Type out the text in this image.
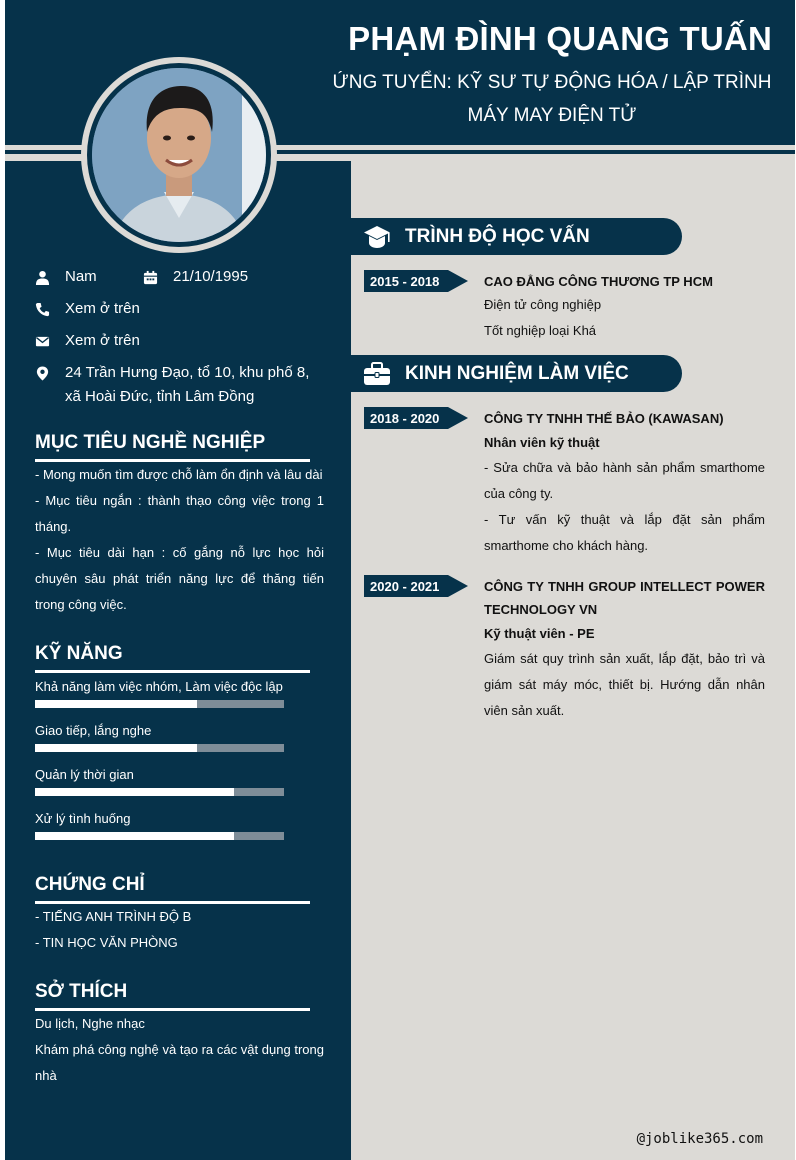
PHẠM ĐÌNH QUANG TUẤN
ỨNG TUYỂN: KỸ SƯ TỰ ĐỘNG HÓA / LẬP TRÌNH MÁY MAY ĐIỆN TỬ
Nam	21/10/1995
Xem ở trên
Xem ở trên
24 Trần Hưng Đạo, tổ 10, khu phố 8, xã Hoài Đức, tỉnh Lâm Đồng
MỤC TIÊU NGHỀ NGHIỆP
- Mong muốn tìm được chỗ làm ổn định và lâu dài
- Mục tiêu ngắn : thành thạo công việc trong 1 tháng.
- Mục tiêu dài hạn : cố gắng nỗ lực học hỏi chuyên sâu phát triển năng lực để thăng tiến trong công việc.
KỸ NĂNG
Khả năng làm việc nhóm, Làm việc độc lập
Giao tiếp, lắng nghe
Quản lý thời gian
Xử lý tình huống
CHỨNG CHỈ
- TIẾNG ANH TRÌNH ĐỘ B
- TIN HỌC VĂN PHÒNG
SỞ THÍCH
Du lịch, Nghe nhạc
Khám phá công nghệ và tạo ra các vật dụng trong nhà
TRÌNH ĐỘ HỌC VẤN
2015 - 2018	CAO ĐẲNG CÔNG THƯƠNG TP HCM
Điện tử công nghiệp
Tốt nghiệp loại Khá
KINH NGHIỆM LÀM VIỆC
2018 - 2020	CÔNG TY TNHH THẾ BẢO (KAWASAN)
Nhân viên kỹ thuật
- Sửa chữa và bảo hành sản phẩm smarthome của công ty.
- Tư vấn kỹ thuật và lắp đặt sản phẩm smarthome cho khách hàng.
2020 - 2021	CÔNG TY TNHH GROUP INTELLECT POWER TECHNOLOGY VN
Kỹ thuật viên - PE
Giám sát quy trình sản xuất, lắp đặt, bảo trì và giám sát máy móc, thiết bị. Hướng dẫn nhân viên sản xuất.
@joblike365.com
